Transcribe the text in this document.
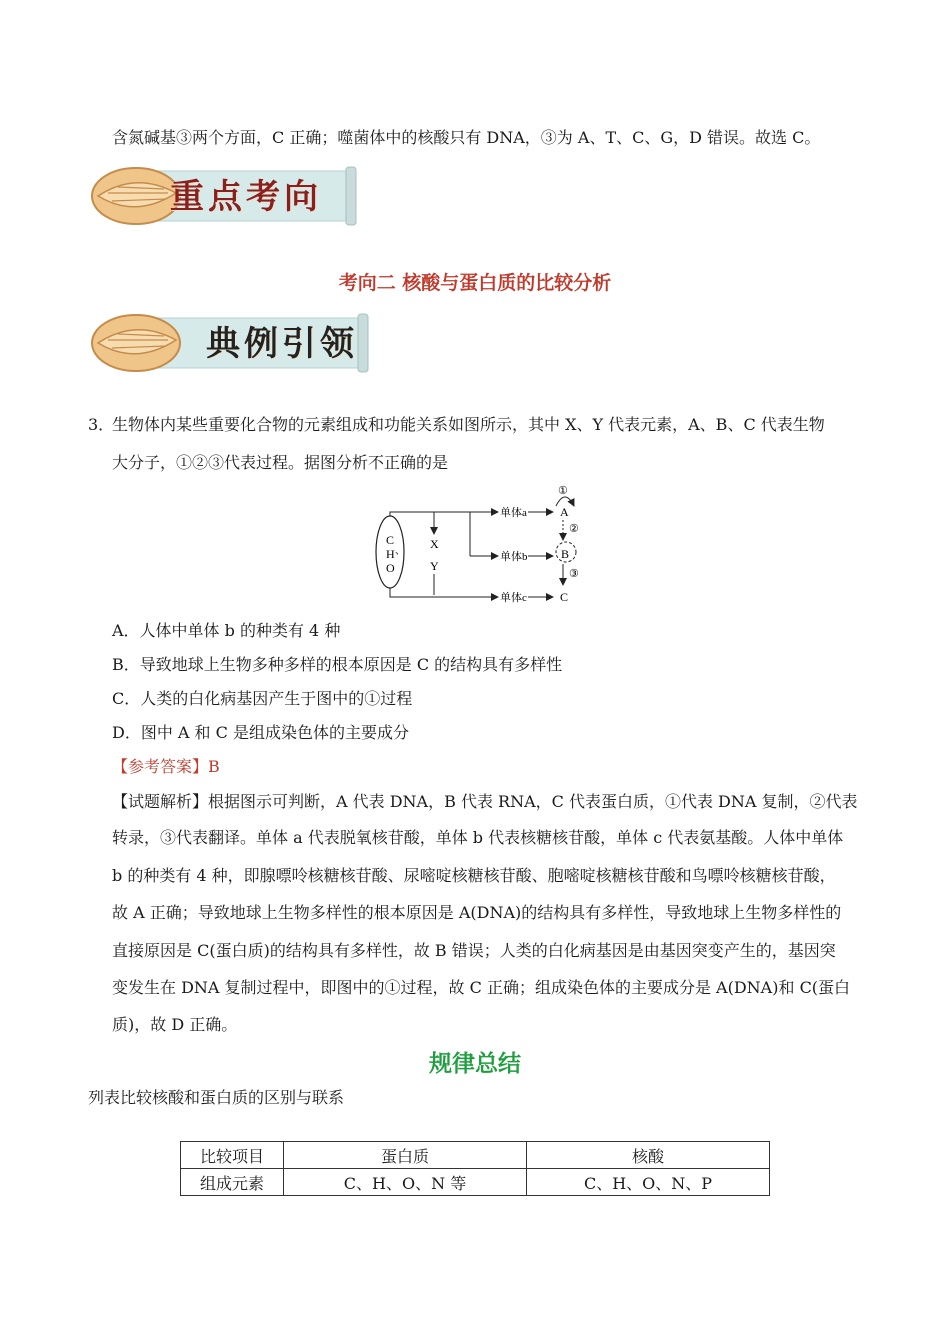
含氮碱基③两个方面，C 正确；噬菌体中的核酸只有 DNA，③为 A、T、C、G，D 错误。故选 C。
重点考向
考向二 核酸与蛋白质的比较分析
典例引领
3．
生物体内某些重要化合物的元素组成和功能关系如图所示，其中 X、Y 代表元素，A、B、C 代表生物
大分子，①②③代表过程。据图分析不正确的是
C
H 、
O
X
Y
单体a	A
①
单体b	B
②
单体c	C
③
A．人体中单体 b 的种类有 4 种
B．导致地球上生物多种多样的根本原因是 C 的结构具有多样性
C．人类的白化病基因产生于图中的①过程
D．图中 A 和 C 是组成染色体的主要成分
【参考答案】B
【试题解析】根据图示可判断，A 代表 DNA，B 代表 RNA，C 代表蛋白质，①代表 DNA 复制，②代表
转录，③代表翻译。单体 a 代表脱氧核苷酸，单体 b 代表核糖核苷酸，单体 c 代表氨基酸。人体中单体
b 的种类有 4 种，即腺嘌呤核糖核苷酸、尿嘧啶核糖核苷酸、胞嘧啶核糖核苷酸和鸟嘌呤核糖核苷酸，
故 A 正确；导致地球上生物多样性的根本原因是 A(DNA)的结构具有多样性，导致地球上生物多样性的
直接原因是 C(蛋白质)的结构具有多样性，故 B 错误；人类的白化病基因是由基因突变产生的，基因突
变发生在 DNA 复制过程中，即图中的①过程，故 C 正确；组成染色体的主要成分是 A(DNA)和 C(蛋白
质)，故 D 正确。
规律总结
列表比较核酸和蛋白质的区别与联系
比较项目	蛋白质	核酸
组成元素	C、H、O、N 等	C、H、O、N、P
